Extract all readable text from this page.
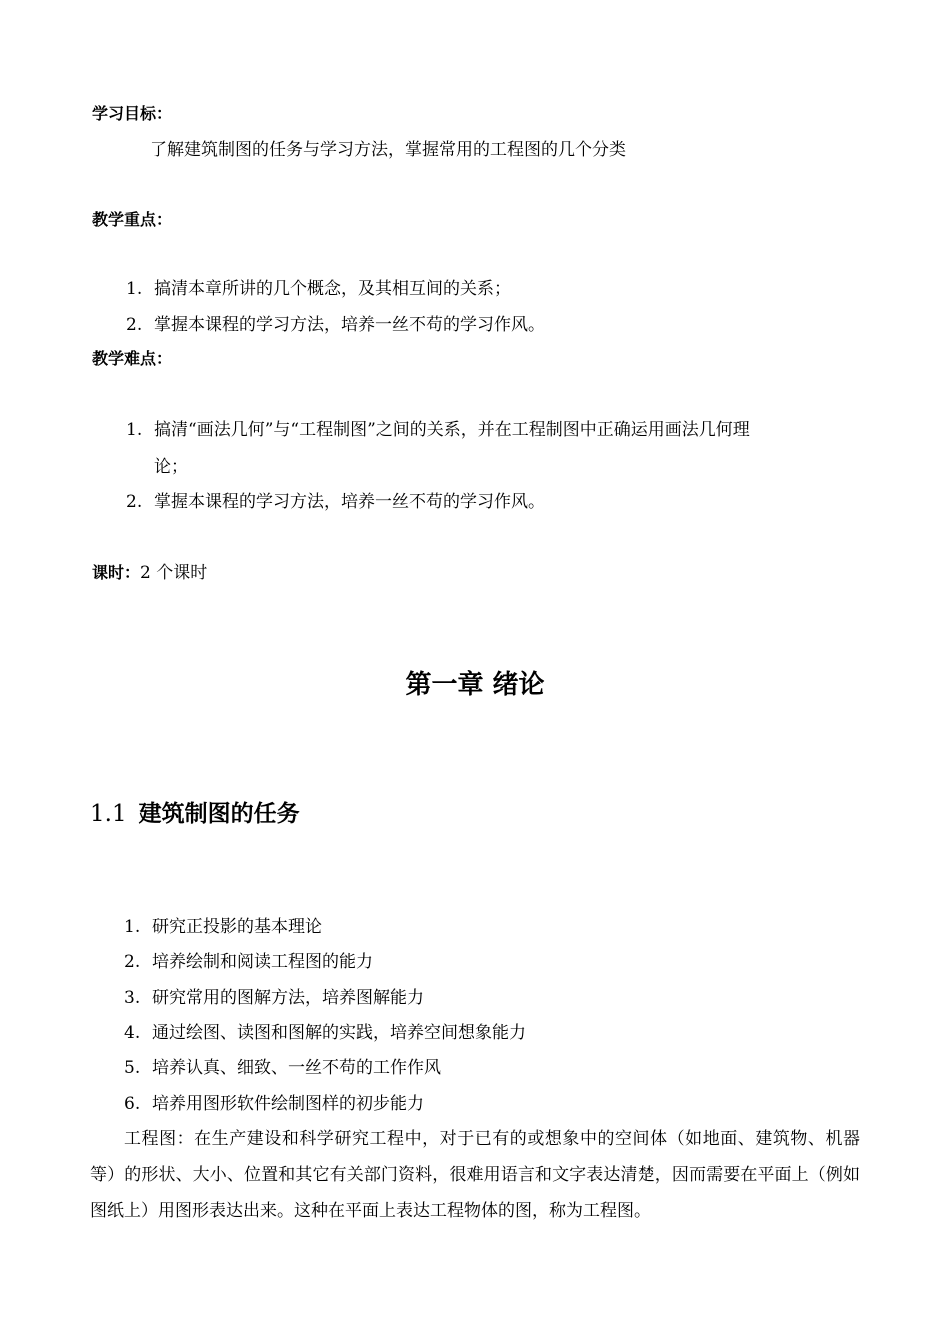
学习目标：
了解建筑制图的任务与学习方法，掌握常用的工程图的几个分类
教学重点：
1. 搞清本章所讲的几个概念，及其相互间的关系；
2. 掌握本课程的学习方法，培养一丝不苟的学习作风。
教学难点：
1. 搞清“画法几何”与“工程制图”之间的关系，并在工程制图中正确运用画法几何理
论；
2. 掌握本课程的学习方法，培养一丝不苟的学习作风。
课时：2 个课时
第一章 绪论
1.1 建筑制图的任务
1. 研究正投影的基本理论
2. 培养绘制和阅读工程图的能力
3. 研究常用的图解方法，培养图解能力
4. 通过绘图、读图和图解的实践，培养空间想象能力
5. 培养认真、细致、一丝不苟的工作作风
6. 培养用图形软件绘制图样的初步能力
工程图：在生产建设和科学研究工程中，对于已有的或想象中的空间体（如地面、建筑物、机器等）的形状、大小、位置和其它有关部门资料，很难用语言和文字表达清楚，因而需要在平面上（例如图纸上）用图形表达出来。这种在平面上表达工程物体的图，称为工程图。
